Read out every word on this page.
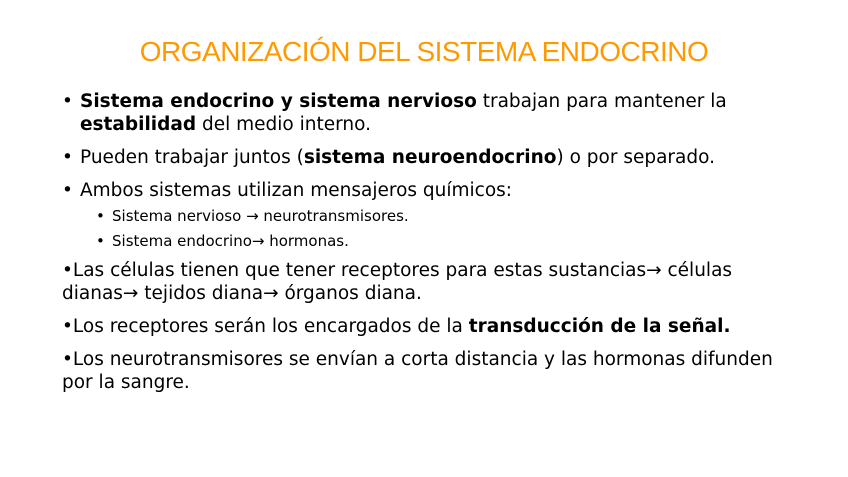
ORGANIZACIÓN DEL SISTEMA ENDOCRINO
• Sistema endocrino y sistema nervioso trabajan para mantener la estabilidad del medio interno.
• Pueden trabajar juntos (sistema neuroendocrino) o por separado.
• Ambos sistemas utilizan mensajeros químicos:
• Sistema nervioso → neurotransmisores.
• Sistema endocrino→ hormonas.
•Las células tienen que tener receptores para estas sustancias→ células dianas→ tejidos diana→ órganos diana.
•Los receptores serán los encargados de la transducción de la señal.
•Los neurotransmisores se envían a corta distancia y las hormonas difunden por la sangre.
